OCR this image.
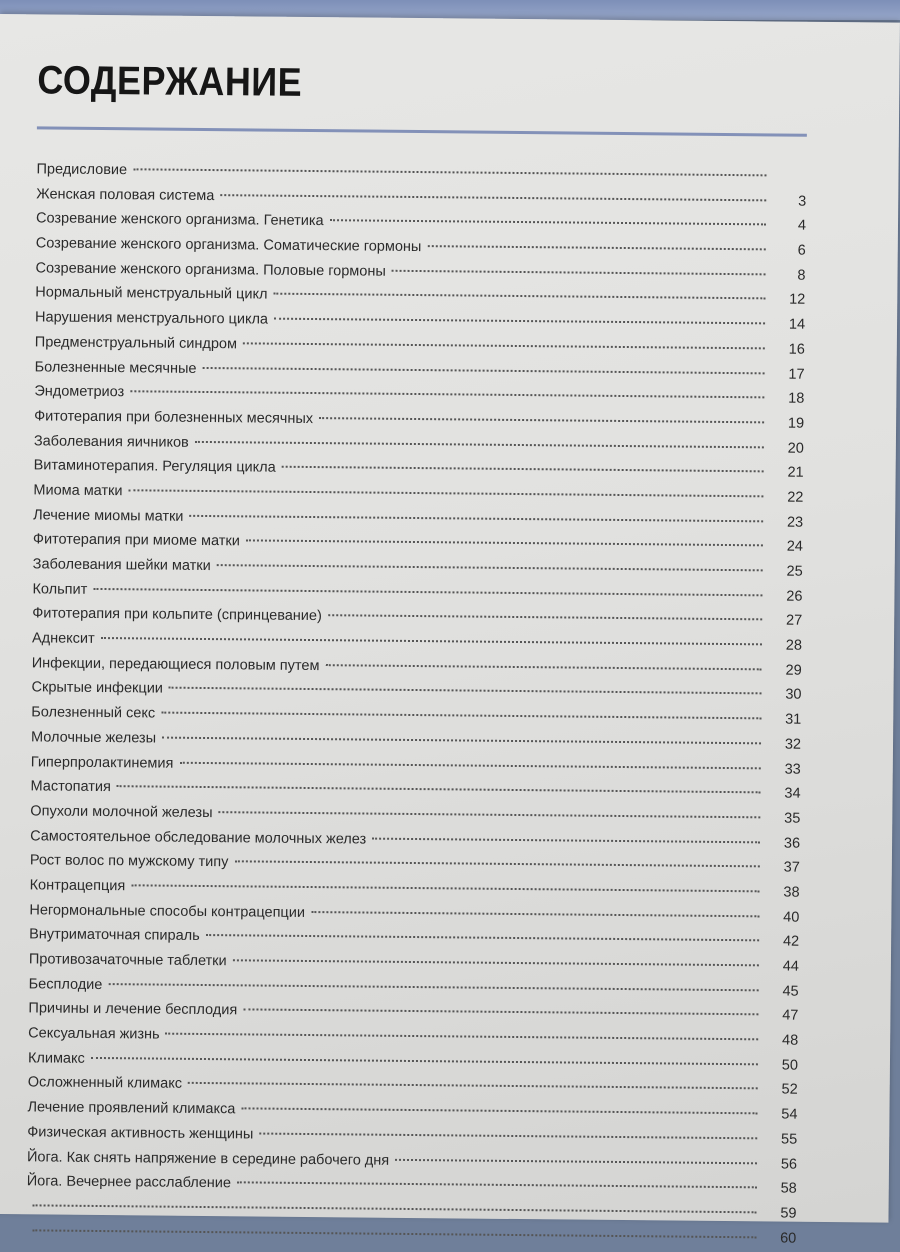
СОДЕРЖАНИЕ
Предисловие
Женская половая система	3
Созревание женского организма. Генетика	4
Созревание женского организма. Соматические гормоны	6
Созревание женского организма. Половые гормоны	8
Нормальный менструальный цикл	12
Нарушения менструального цикла	14
Предменструальный синдром	16
Болезненные месячные	17
Эндометриоз	18
Фитотерапия при болезненных месячных	19
Заболевания яичников	20
Витаминотерапия. Регуляция цикла	21
Миома матки	22
Лечение миомы матки	23
Фитотерапия при миоме матки	24
Заболевания шейки матки	25
Кольпит	26
Фитотерапия при кольпите (спринцевание)	27
Аднексит	28
Инфекции, передающиеся половым путем	29
Скрытые инфекции	30
Болезненный секс	31
Молочные железы	32
Гиперпролактинемия	33
Мастопатия	34
Опухоли молочной железы	35
Самостоятельное обследование молочных желез	36
Рост волос по мужскому типу	37
Контрацепция	38
Негормональные способы контрацепции	40
Внутриматочная спираль	42
Противозачаточные таблетки	44
Бесплодие	45
Причины и лечение бесплодия	47
Сексуальная жизнь	48
Климакс	50
Осложненный климакс	52
Лечение проявлений климакса	54
Физическая активность женщины	55
Йога. Как снять напряжение в середине рабочего дня	56
Йога. Вечернее расслабление	58
59
60
